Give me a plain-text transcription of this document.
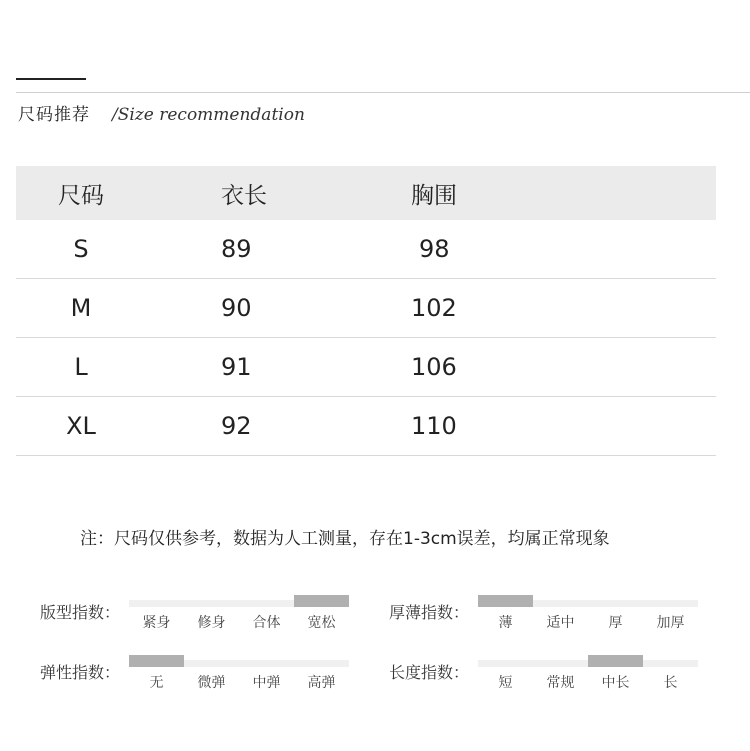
尺码推荐 /Size recommendation
尺码	衣长	胸围
S	89	98
M	90	102
L	91	106
XL	92	110
注：尺码仅供参考，数据为人工测量，存在1-3cm误差，均属正常现象
版型指数：
紧身 修身 合体 宽松
厚薄指数：
薄 适中 厚 加厚
弹性指数：
无 微弹 中弹 高弹
长度指数：
短 常规 中长 长
